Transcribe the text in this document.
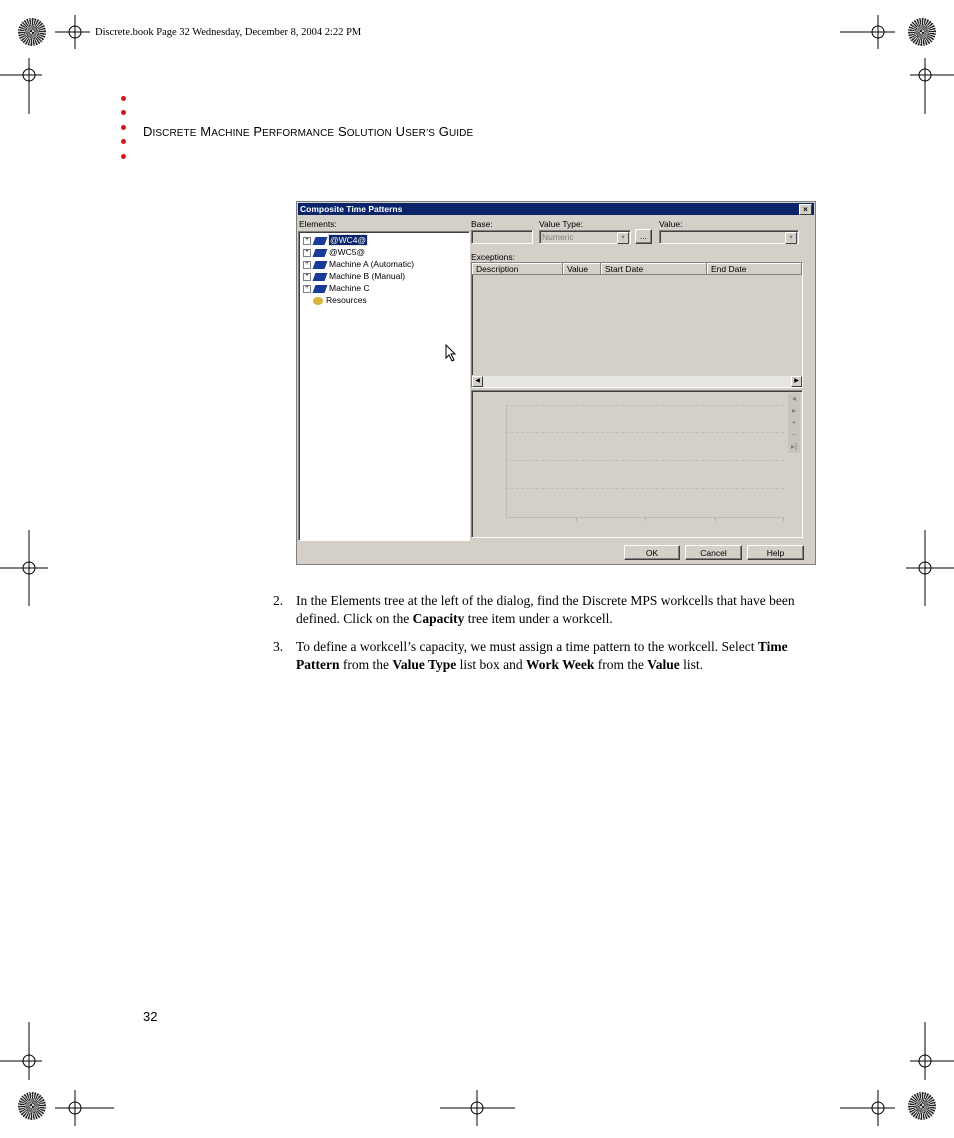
Discrete.book Page 32 Wednesday, December 8, 2004 2:22 PM
DISCRETE MACHINE PERFORMANCE SOLUTION USER’S GUIDE
Composite Time Patterns	×
Elements:
+	@WC4@
+ @WC5@
+ Machine A (Automatic)
+ Machine B (Manual)
+ Machine C
Resources
Base:	Value Type:
Numeric	▼	...
Value:
▼
Exceptions:
Description	Value	Start Date	End Date
◀	▶
◂
▸
+
−
▸|
OK	Cancel	Help
2. In the Elements tree at the left of the dialog, find the Discrete MPS workcells that have been defined. Click on the Capacity tree item under a workcell.
3. To define a workcell’s capacity, we must assign a time pattern to the workcell. Select Time Pattern from the Value Type list box and Work Week from the Value list.
32
